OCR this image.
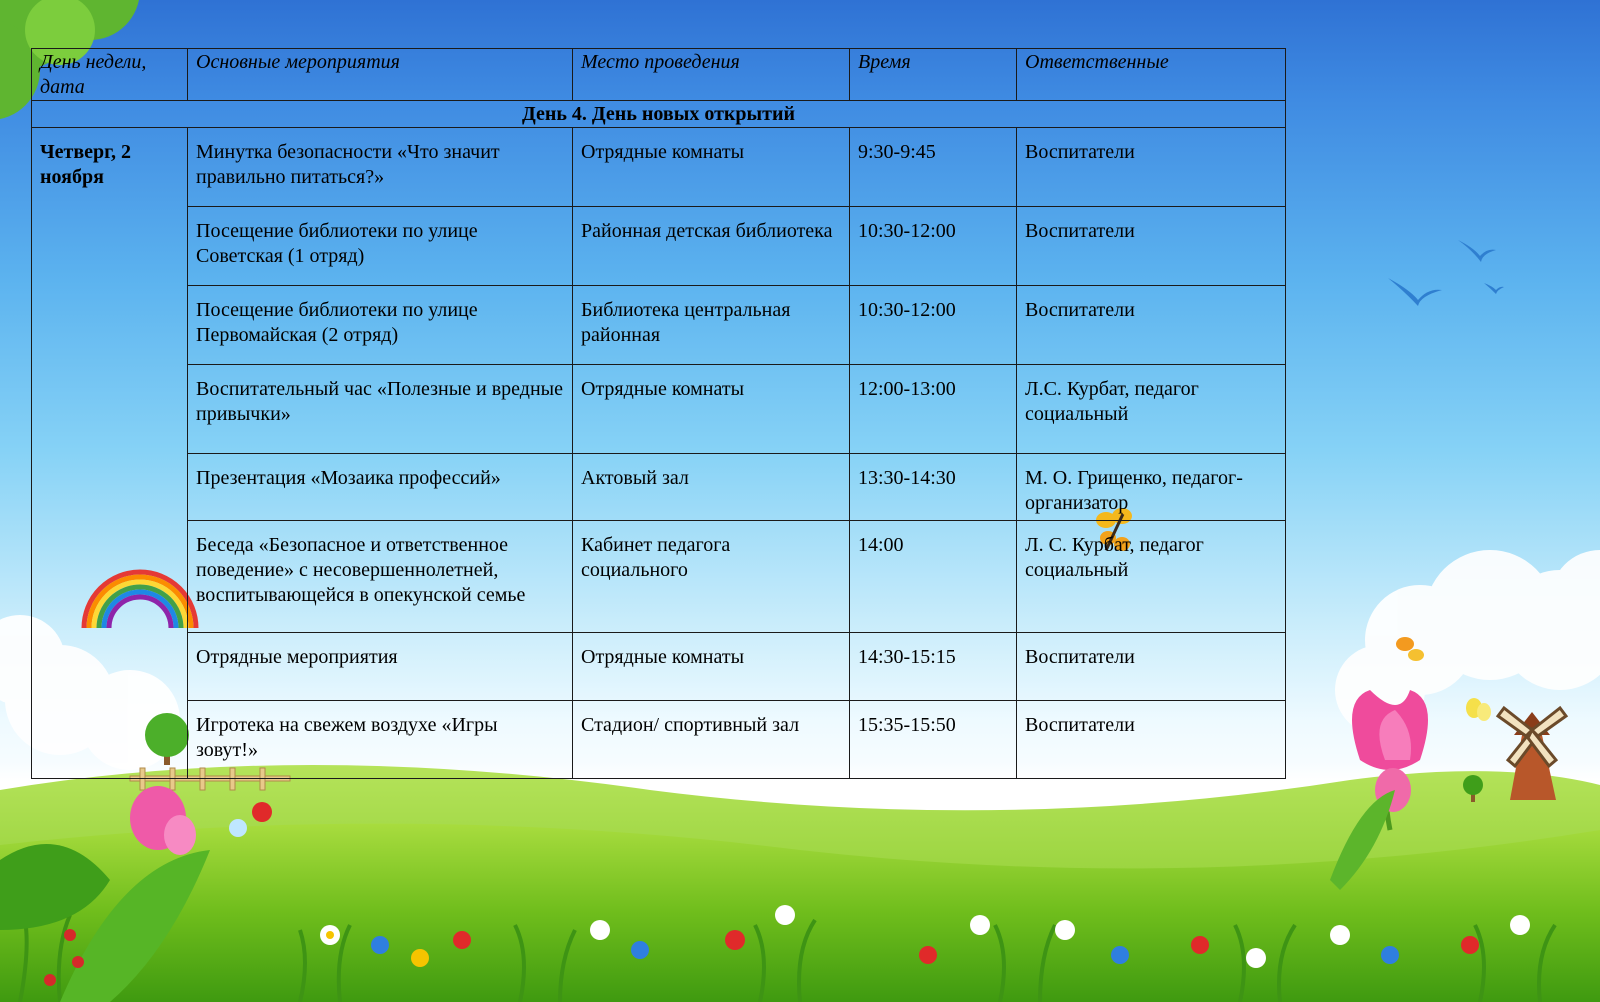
День недели, дата	Основные мероприятия	Место проведения	Время	Ответственные
День 4. День новых открытий				
Четверг, 2 ноября	Минутка безопасности «Что значит правильно питаться?»	Отрядные комнаты	9:30-9:45	Воспитатели
	Посещение библиотеки по улице Советская (1 отряд)	Районная детская библиотека	10:30-12:00	Воспитатели
	Посещение библиотеки по улице Первомайская (2 отряд)	Библиотека центральная районная	10:30-12:00	Воспитатели
	Воспитательный час «Полезные и вредные привычки»	Отрядные комнаты	12:00-13:00	Л.С. Курбат, педагог социальный
	Презентация «Мозаика профессий»	Актовый зал	13:30-14:30	М. О. Грищенко, педагог-организатор
	Беседа «Безопасное и ответственное поведение» с несовершеннолетней, воспитывающейся в опекунской семье	Кабинет педагога социального	14:00	Л. С. Курбат, педагог социальный
	Отрядные мероприятия	Отрядные комнаты	14:30-15:15	Воспитатели
	Игротека на свежем воздухе «Игры зовут!»	Стадион/ спортивный зал	15:35-15:50	Воспитатели
